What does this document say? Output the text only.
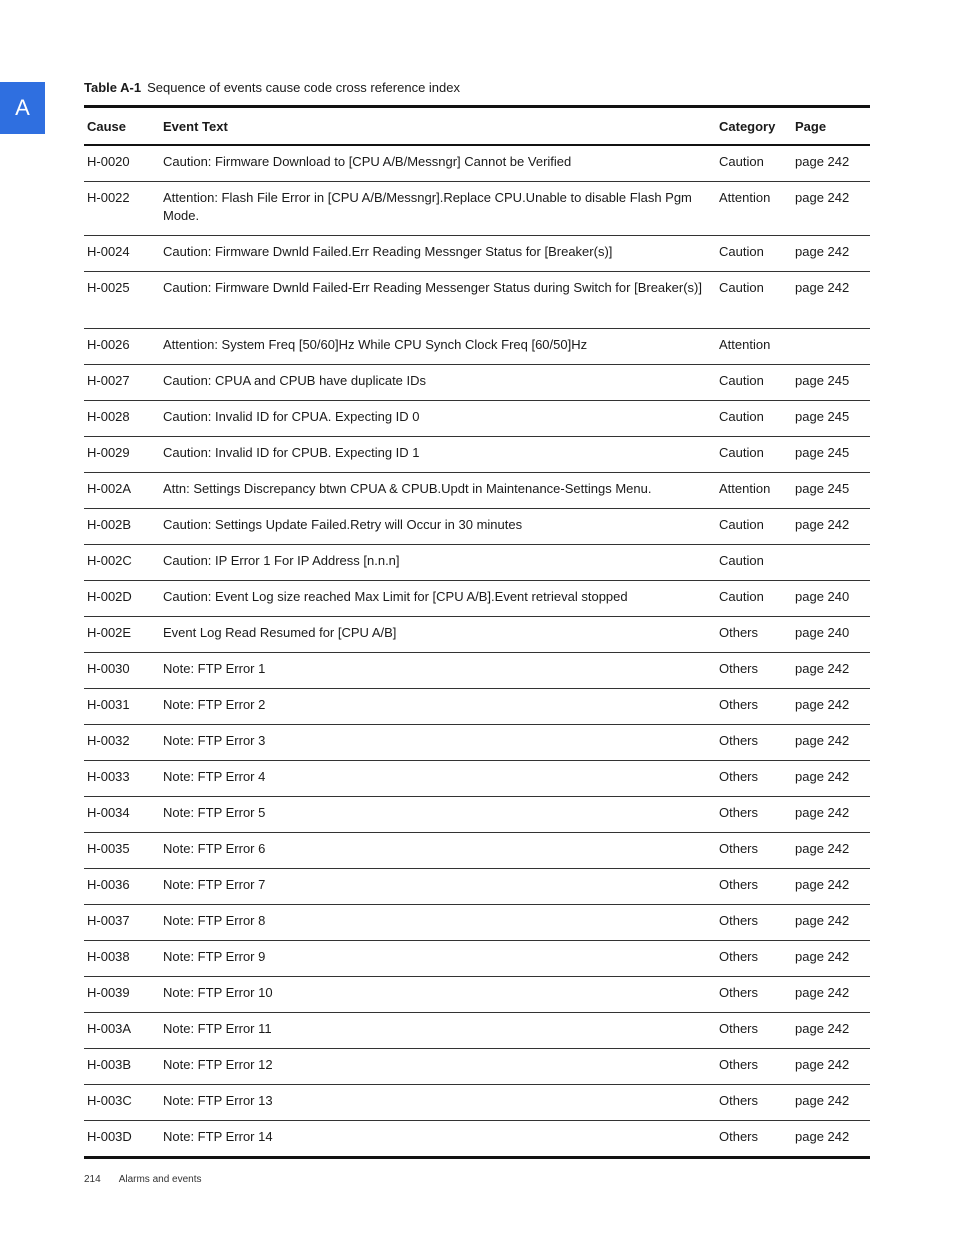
A
Table A-1 Sequence of events cause code cross reference index
Cause	Event Text	Category	Page
H-0020	Caution: Firmware Download to [CPU A/B/Messngr] Cannot be Verified	Caution	page 242
H-0022	Attention: Flash File Error in [CPU A/B/Messngr].Replace CPU.Unable to disable Flash Pgm Mode.	Attention	page 242
H-0024	Caution: Firmware Dwnld Failed.Err Reading Messnger Status for [Breaker(s)]	Caution	page 242
H-0025	Caution: Firmware Dwnld Failed-Err Reading Messenger Status during Switch for [Breaker(s)]	Caution	page 242
H-0026	Attention: System Freq [50/60]Hz While CPU Synch Clock Freq [60/50]Hz	Attention	
H-0027	Caution: CPUA and CPUB have duplicate IDs	Caution	page 245
H-0028	Caution: Invalid ID for CPUA. Expecting ID 0	Caution	page 245
H-0029	Caution: Invalid ID for CPUB. Expecting ID 1	Caution	page 245
H-002A	Attn: Settings Discrepancy btwn CPUA & CPUB.Updt in Maintenance-Settings Menu.	Attention	page 245
H-002B	Caution: Settings Update Failed.Retry will Occur in 30 minutes	Caution	page 242
H-002C	Caution: IP Error 1 For IP Address [n.n.n]	Caution	
H-002D	Caution: Event Log size reached Max Limit for [CPU A/B].Event retrieval stopped	Caution	page 240
H-002E	Event Log Read Resumed for [CPU A/B]	Others	page 240
H-0030	Note: FTP Error 1	Others	page 242
H-0031	Note: FTP Error 2	Others	page 242
H-0032	Note: FTP Error 3	Others	page 242
H-0033	Note: FTP Error 4	Others	page 242
H-0034	Note: FTP Error 5	Others	page 242
H-0035	Note: FTP Error 6	Others	page 242
H-0036	Note: FTP Error 7	Others	page 242
H-0037	Note: FTP Error 8	Others	page 242
H-0038	Note: FTP Error 9	Others	page 242
H-0039	Note: FTP Error 10	Others	page 242
H-003A	Note: FTP Error 11	Others	page 242
H-003B	Note: FTP Error 12	Others	page 242
H-003C	Note: FTP Error 13	Others	page 242
H-003D	Note: FTP Error 14	Others	page 242
214 Alarms and events
